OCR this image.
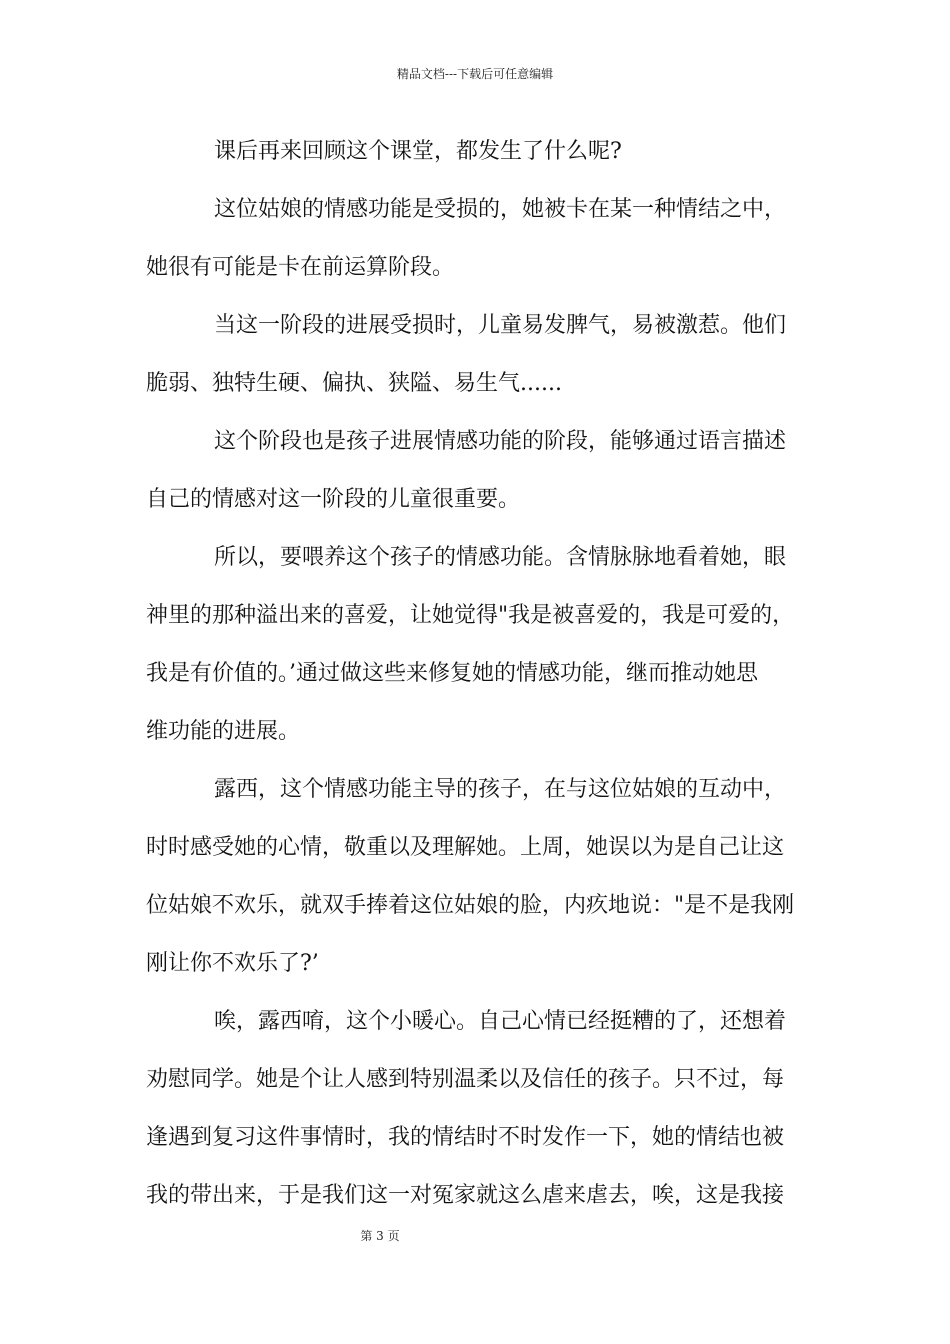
精品文档---下载后可任意编辑
课后再来回顾这个课堂，都发生了什么呢?
这位姑娘的情感功能是受损的，她被卡在某一种情结之中，
她很有可能是卡在前运算阶段。
当这一阶段的进展受损时，儿童易发脾气，易被激惹。他们
脆弱、独特生硬、偏执、狭隘、易生气......
这个阶段也是孩子进展情感功能的阶段，能够通过语言描述
自己的情感对这一阶段的儿童很重要。
所以，要喂养这个孩子的情感功能。含情脉脉地看着她，眼
神里的那种溢出来的喜爱，让她觉得"我是被喜爱的，我是可爱的，
我是有价值的。’通过做这些来修复她的情感功能，继而推动她思
维功能的进展。
露西，这个情感功能主导的孩子，在与这位姑娘的互动中，
时时感受她的心情，敬重以及理解她。上周，她误以为是自己让这
位姑娘不欢乐，就双手捧着这位姑娘的脸，内疚地说："是不是我刚
刚让你不欢乐了?’
唉，露西唷，这个小暖心。自己心情已经挺糟的了，还想着
劝慰同学。她是个让人感到特别温柔以及信任的孩子。只不过，每
逢遇到复习这件事情时，我的情结时不时发作一下，她的情结也被
我的带出来，于是我们这一对冤家就这么虐来虐去，唉，这是我接
第 3 页
